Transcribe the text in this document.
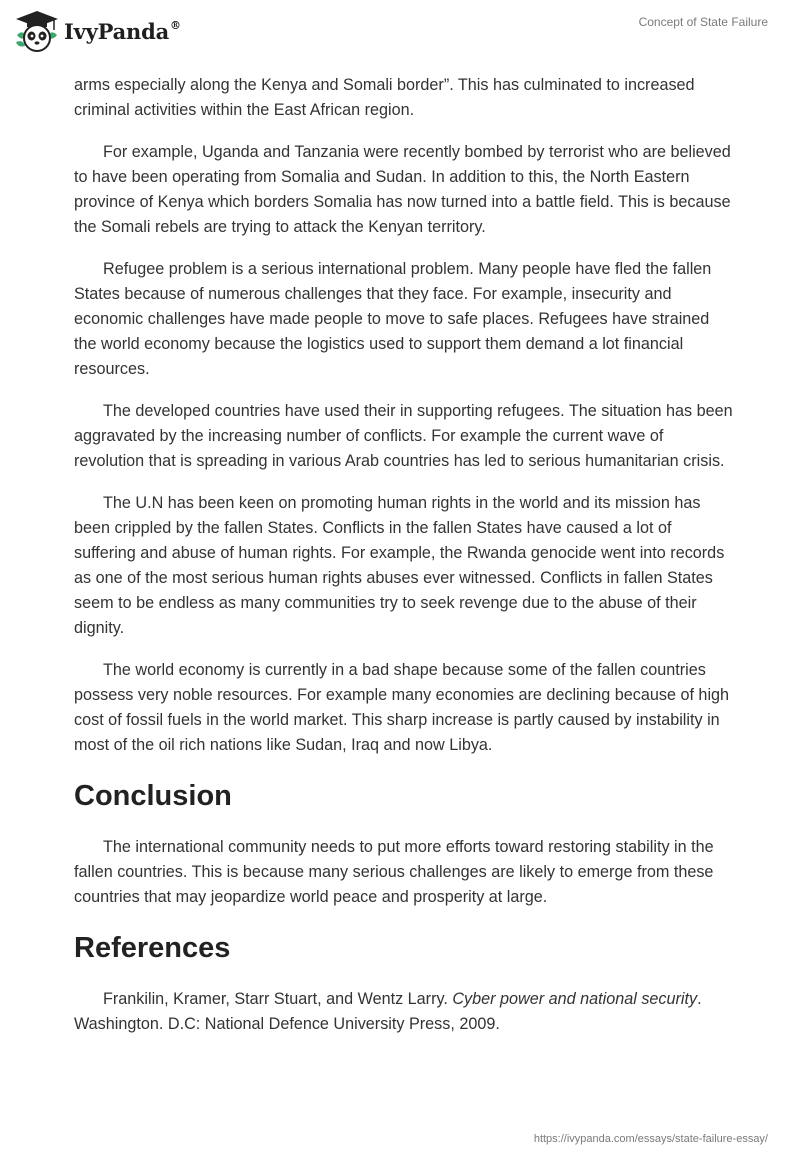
IvyPanda®	Concept of State Failure

arms especially along the Kenya and Somali border”. This has culminated to increased criminal activities within the East African region.

For example, Uganda and Tanzania were recently bombed by terrorist who are believed to have been operating from Somalia and Sudan. In addition to this, the North Eastern province of Kenya which borders Somalia has now turned into a battle field. This is because the Somali rebels are trying to attack the Kenyan territory.

Refugee problem is a serious international problem. Many people have fled the fallen States because of numerous challenges that they face. For example, insecurity and economic challenges have made people to move to safe places. Refugees have strained the world economy because the logistics used to support them demand a lot financial resources.

The developed countries have used their in supporting refugees. The situation has been aggravated by the increasing number of conflicts. For example the current wave of revolution that is spreading in various Arab countries has led to serious humanitarian crisis.

The U.N has been keen on promoting human rights in the world and its mission has been crippled by the fallen States. Conflicts in the fallen States have caused a lot of suffering and abuse of human rights. For example, the Rwanda genocide went into records as one of the most serious human rights abuses ever witnessed. Conflicts in fallen States seem to be endless as many communities try to seek revenge due to the abuse of their dignity.

The world economy is currently in a bad shape because some of the fallen countries possess very noble resources. For example many economies are declining because of high cost of fossil fuels in the world market. This sharp increase is partly caused by instability in most of the oil rich nations like Sudan, Iraq and now Libya.

Conclusion

The international community needs to put more efforts toward restoring stability in the fallen countries. This is because many serious challenges are likely to emerge from these countries that may jeopardize world peace and prosperity at large.

References

Frankilin, Kramer, Starr Stuart, and Wentz Larry. Cyber power and national security. Washington. D.C: National Defence University Press, 2009.

https://ivypanda.com/essays/state-failure-essay/
